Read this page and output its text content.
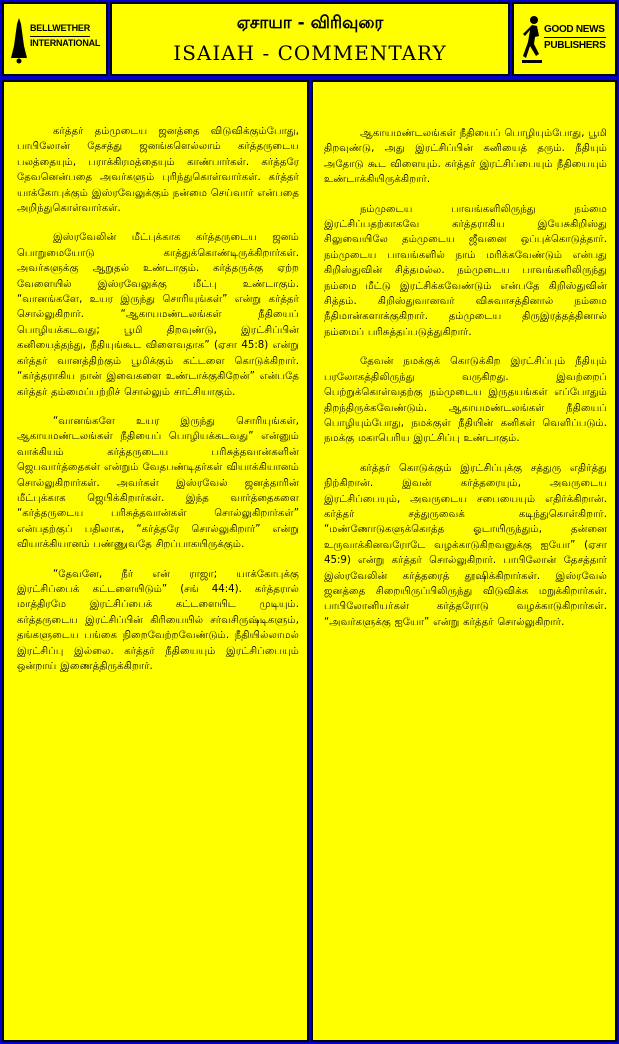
BELLWETHER
INTERNATIONAL
ஏசாயா - விரிவுரை
ISAIAH - COMMENTARY
GOOD NEWS
PUBLISHERS

கர்த்தர் தம்முடைய ஜனத்தை விடுவிக்கும்போது, பாபிலோன் தேசத்து ஜனங்களெல்லாம் கர்த்தருடைய பலத்தையும், பராக்கிரமத்தையும் காண்பார்கள். கர்த்தரே தேவனென்பதை அவர்களும் புரிந்துகொள்வார்கள். கர்த்தர் யாக்கோபுக்கும் இஸ்ரவேலுக்கும் நன்மை செய்வார் என்பதை அறிந்துகொள்வார்கள்.

இஸ்ரவேலின் மீட்புக்காக கர்த்தருடைய ஜனம் பொறுமையோடு காத்துக்கொண்டிருக்கிறார்கள். அவர்களுக்கு ஆறுதல் உண்டாகும். கர்த்தருக்கு ஏற்ற வேளையில் இஸ்ரவேலுக்கு மீட்பு உண்டாகும். “வானங்களே, உயர இருந்து சொரியுங்கள்” என்று கர்த்தர் சொல்லுகிறார். “ஆகாயமண்டலங்கள் நீதியைப் பொழியக்கடவது; பூமி திறவுண்டு, இரட்சிப்பின் கனியைத்தந்து, நீதியுங்கூட விளைவதாக” (ஏசா 45:8) என்று கர்த்தர் வானத்திற்கும் பூமிக்கும் கட்டளை கொடுக்கிறார். “கர்த்தராகிய நான் இவைகளை உண்டாக்குகிறேன்” என்பதே கர்த்தர் தம்மைப்பற்றிச் சொல்லும் சாட்சியாகும்.

“வானங்களே உயர இருந்து சொரியுங்கள், ஆகாயமண்டலங்கள் நீதியைப் பொழியக்கடவது” என்னும் வாக்கியம் கர்த்தருடைய பரிசுத்தவான்களின் ஜெபவார்த்தைகள் என்றும் வேதபண்டிதர்கள் வியாக்கியானம் சொல்லுகிறார்கள். அவர்கள் இஸ்ரவேல் ஜனத்தாரின் மீட்புக்காக ஜெபிக்கிறார்கள். இந்த வார்த்தைகளை “கர்த்தருடைய பரிசுத்தவான்கள் சொல்லுகிறார்கள்” என்பதற்குப் பதிலாக, “கர்த்தரே சொல்லுகிறார்” என்று வியாக்கியானம் பண்ணுவதே சிறப்பாகயிருக்கும்.

“தேவனே, நீர் என் ராஜா; யாக்கோபுக்கு இரட்சிப்பைக் கட்டளையிடும்” (சங் 44:4). கர்த்தரால் மாத்திரமே இரட்சிப்பைக் கட்டளையிட முடியும். கர்த்தருடைய இரட்சிப்பின் கிரியையில் சர்வசிருஷ்டிகளும், தங்களுடைய பங்கை நிறைவேற்றவேண்டும். நீதியில்லாமல் இரட்சிப்பு இல்லை. கர்த்தர் நீதியையும் இரட்சிப்பையும் ஒன்றாய் இணைத்திருக்கிறார்.

ஆகாயமண்டலங்கள் நீதியைப் பொழியும்போது, பூமி திறவுண்டு, அது இரட்சிப்பின் கனியைத் தரும். நீதியும் அதோடு கூட விளையும். கர்த்தர் இரட்சிப்பையும் நீதியையும் உண்டாக்கியிருக்கிறார்.

நம்முடைய பாவங்களிலிருந்து நம்மை இரட்சிப்பதற்காகவே கர்த்தராகிய இயேசுகிறிஸ்து சிலுவையிலே தம்முடைய ஜீவனை ஒப்புக்கொடுத்தார். நம்முடைய பாவங்களில் நாம் மரிக்கவேண்டும் என்பது கிறிஸ்துவின் சித்தமல்ல. நம்முடைய பாவங்களிலிருந்து நம்மை மீட்டு இரட்சிக்கவேண்டும் என்பதே கிறிஸ்துவின் சித்தம். கிறிஸ்துவானவர் விசுவாசத்தினால் நம்மை நீதிமான்களாக்குகிறார். தம்முடைய திருஇரத்தத்தினால் நம்மைப் பரிசுத்தப்படுத்துகிறார்.

தேவன் நமக்குக் கொடுக்கிற இரட்சிப்பும் நீதியும் பரலோகத்திலிருந்து வருகிறது. இவற்றைப் பெற்றுக்கொள்வதற்கு நம்முடைய இருதயங்கள் எப்போதும் திறந்திருக்கவேண்டும். ஆகாயமண்டலங்கள் நீதியைப் பொழியும்போது, நமக்குள் நீதியின் கனிகள் வெளிப்படும். நமக்கு மகாபெரிய இரட்சிப்பு உண்டாகும்.

கர்த்தர் கொடுக்கும் இரட்சிப்புக்கு சத்துரு எதிர்த்து நிற்கிறான். இவன் கர்த்தரையும், அவருடைய இரட்சிப்பையும், அவருடைய சபையையும் எதிர்க்கிறான். கர்த்தர் சத்துருவைக் கடிந்துகொள்கிறார். “மண்ணோடுகளுக்கொத்த ஓடாயிருந்தும், தன்னை உருவாக்கினவரோடே வழக்காடுகிறவனுக்கு ஐயோ” (ஏசா 45:9) என்று கர்த்தர் சொல்லுகிறார். பாபிலோன் தேசத்தார் இஸ்ரவேலின் கர்த்தரைத் தூஷிக்கிறார்கள். இஸ்ரவேல் ஜனத்தை சிறையிருப்பிலிருந்து விடுவிக்க மறுக்கிறார்கள். பாபிலோனியர்கள் கர்த்தரோடு வழக்காடுகிறார்கள். “அவர்களுக்கு ஐயோ” என்று கர்த்தர் சொல்லுகிறார்.
